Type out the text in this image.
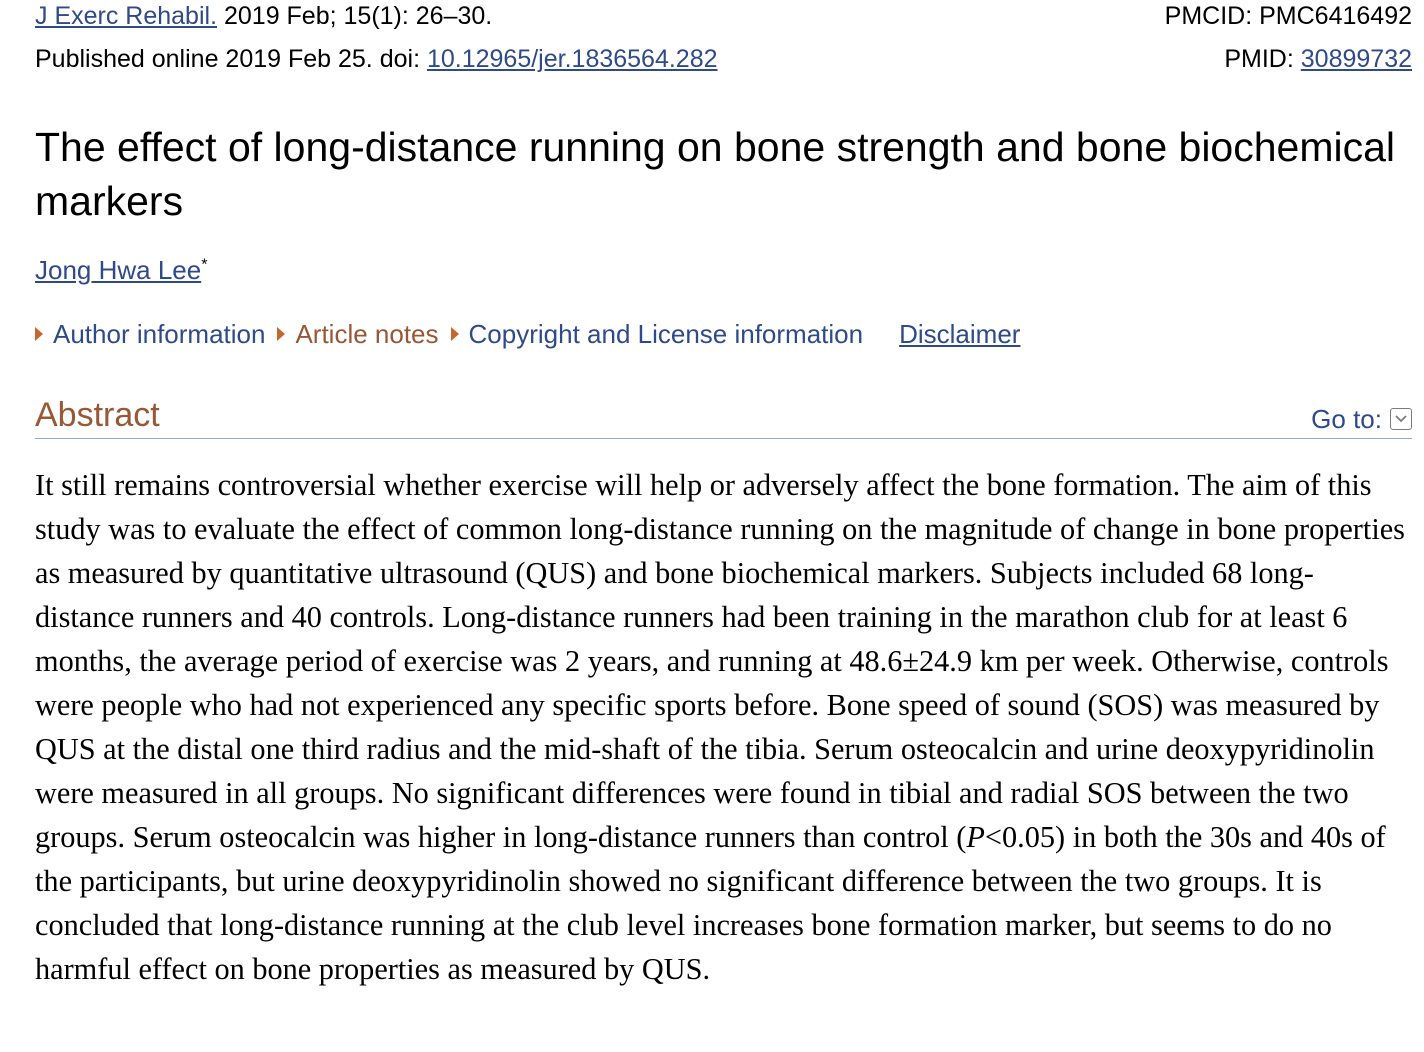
J Exerc Rehabil. 2019 Feb; 15(1): 26–30.
Published online 2019 Feb 25. doi: 10.12965/jer.1836564.282
PMCID: PMC6416492
PMID: 30899732
The effect of long-distance running on bone strength and bone biochemical markers
Jong Hwa Lee*
Author information Article notes Copyright and License information Disclaimer
Abstract	Go to:

It still remains controversial whether exercise will help or adversely affect the bone formation. The aim of this study was to evaluate the effect of common long-distance running on the magnitude of change in bone properties as measured by quantitative ultrasound (QUS) and bone biochemical markers. Subjects included 68 long-distance runners and 40 controls. Long-distance runners had been training in the marathon club for at least 6 months, the average period of exercise was 2 years, and running at 48.6±24.9 km per week. Otherwise, controls were people who had not experienced any specific sports before. Bone speed of sound (SOS) was measured by QUS at the distal one third radius and the mid-shaft of the tibia. Serum osteocalcin and urine deoxypyridinolin were measured in all groups. No significant differences were found in tibial and radial SOS between the two groups. Serum osteocalcin was higher in long-distance runners than control (P<0.05) in both the 30s and 40s of the participants, but urine deoxypyridinolin showed no significant difference between the two groups. It is concluded that long-distance running at the club level increases bone formation marker, but seems to do no harmful effect on bone properties as measured by QUS.
